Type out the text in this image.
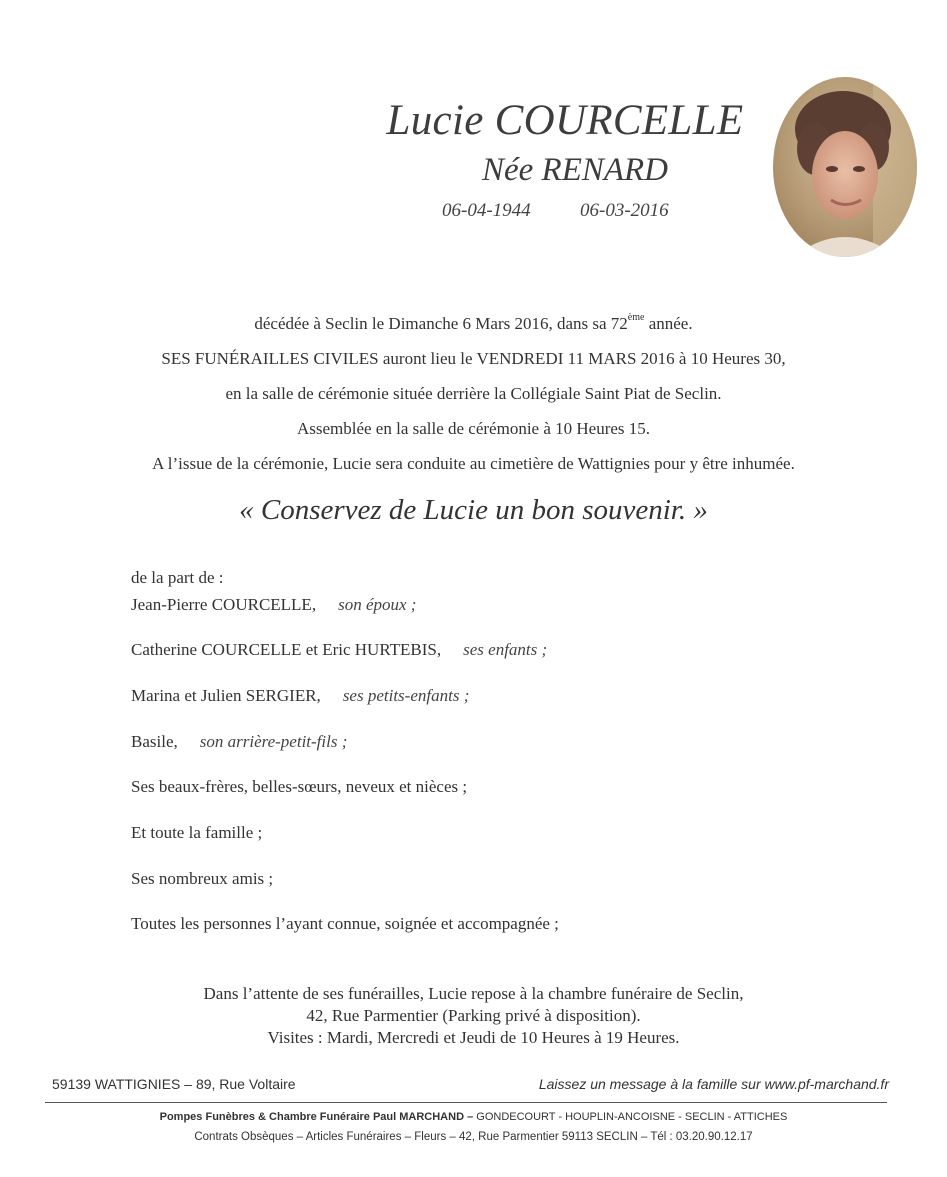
Lucie COURCELLE
Née RENARD
06-04-1944	06-03-2016
décédée à Seclin le Dimanche 6 Mars 2016, dans sa 72ème année.
SES FUNÉRAILLES CIVILES auront lieu le VENDREDI 11 MARS 2016 à 10 Heures 30,
en la salle de cérémonie située derrière la Collégiale Saint Piat de Seclin.
Assemblée en la salle de cérémonie à 10 Heures 15.
A l’issue de la cérémonie, Lucie sera conduite au cimetière de Wattignies pour y être inhumée.
« Conservez de Lucie un bon souvenir. »
de la part de :
Jean-Pierre COURCELLE, son époux ;
Catherine COURCELLE et Eric HURTEBIS, ses enfants ;
Marina et Julien SERGIER, ses petits-enfants ;
Basile, son arrière-petit-fils ;
Ses beaux-frères, belles-sœurs, neveux et nièces ;
Et toute la famille ;
Ses nombreux amis ;
Toutes les personnes l’ayant connue, soignée et accompagnée ;
Dans l’attente de ses funérailles, Lucie repose à la chambre funéraire de Seclin,
42, Rue Parmentier (Parking privé à disposition).
Visites : Mardi, Mercredi et Jeudi de 10 Heures à 19 Heures.
59139 WATTIGNIES – 89, Rue Voltaire	Laissez un message à la famille sur www.pf-marchand.fr
Pompes Funèbres & Chambre Funéraire Paul MARCHAND – GONDECOURT - HOUPLIN-ANCOISNE - SECLIN - ATTICHES
Contrats Obsèques – Articles Funéraires – Fleurs – 42, Rue Parmentier 59113 SECLIN – Tél : 03.20.90.12.17
